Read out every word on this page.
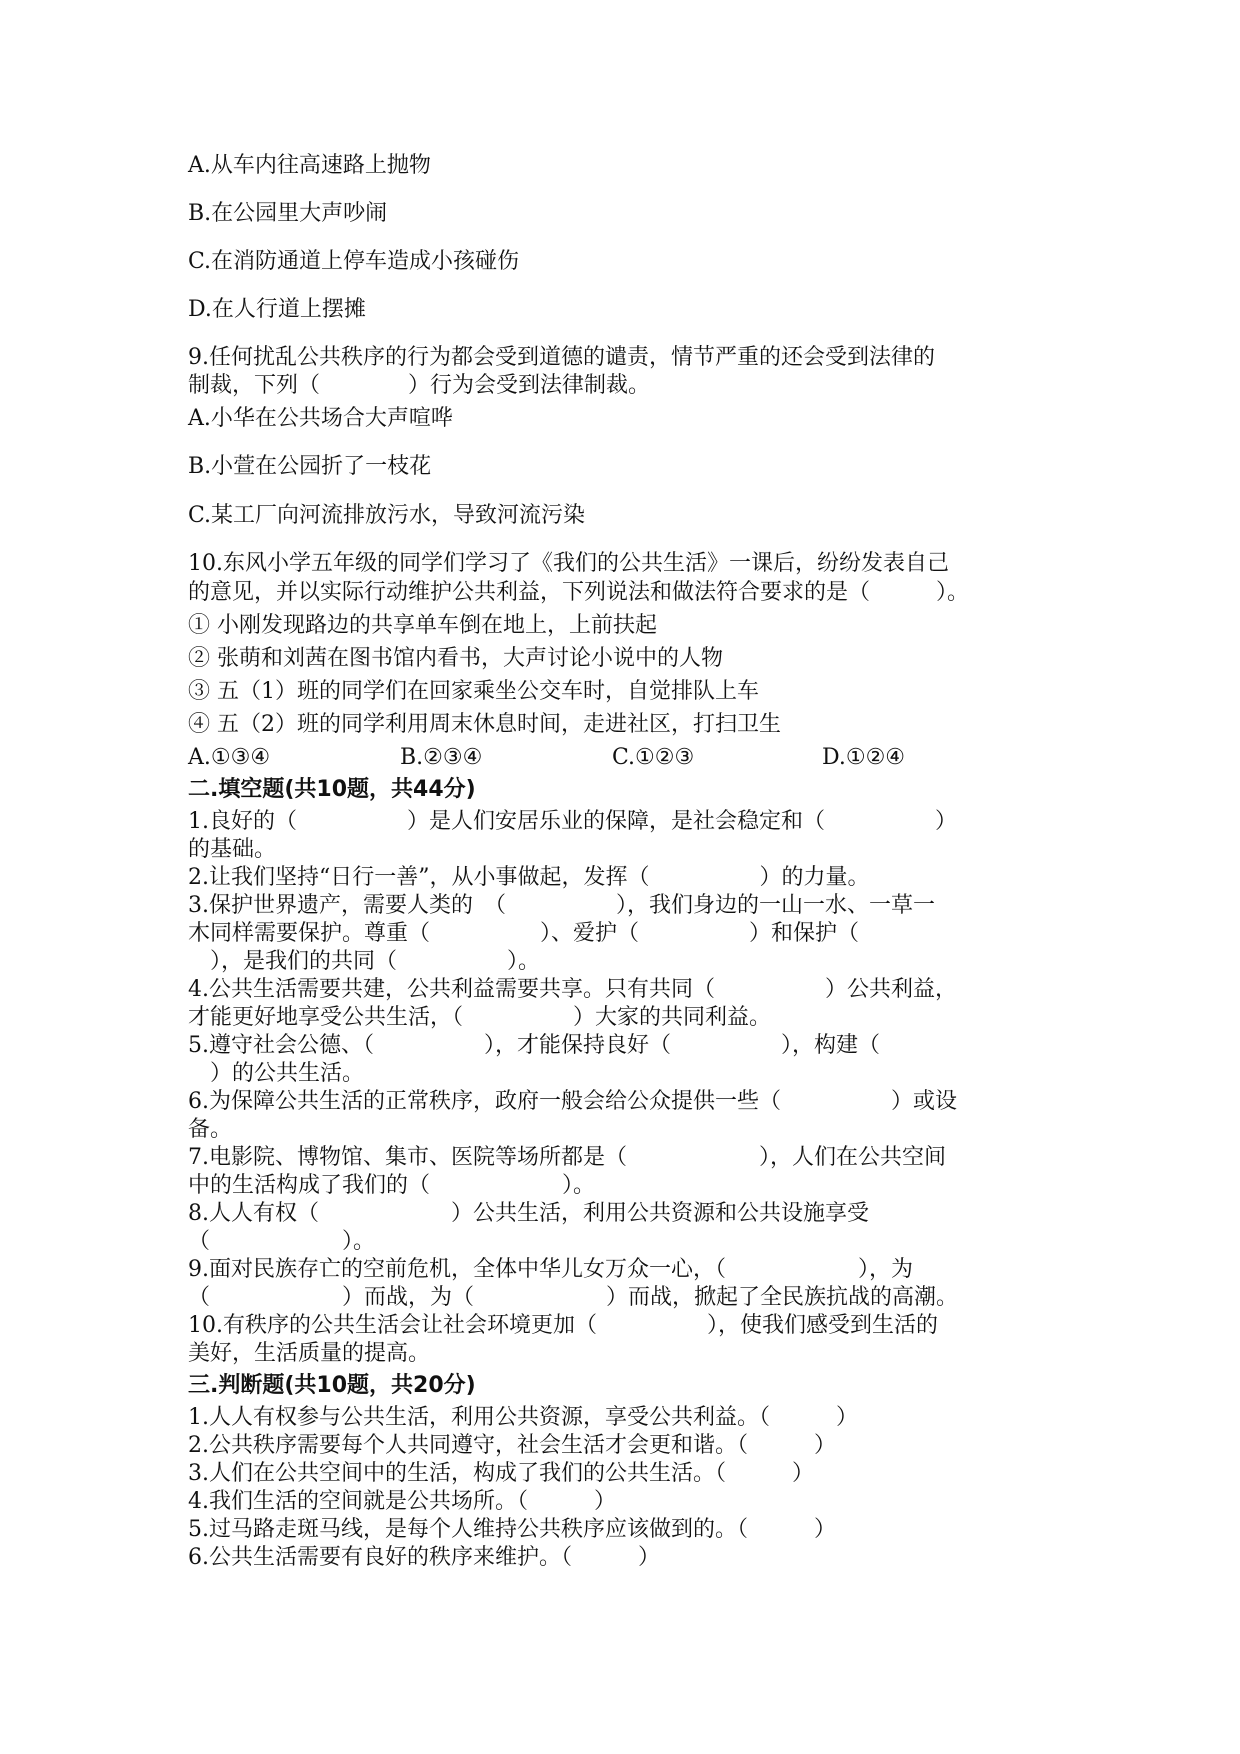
A.从车内往高速路上抛物
B.在公园里大声吵闹
C.在消防通道上停车造成小孩碰伤
D.在人行道上摆摊
9.任何扰乱公共秩序的行为都会受到道德的谴责，情节严重的还会受到法律的
制裁，下列（　　　　）行为会受到法律制裁。
A.小华在公共场合大声喧哗
B.小萱在公园折了一枝花
C.某工厂向河流排放污水，导致河流污染
10.东风小学五年级的同学们学习了《我们的公共生活》一课后，纷纷发表自己
的意见，并以实际行动维护公共利益，下列说法和做法符合要求的是（　　　）。
① 小刚发现路边的共享单车倒在地上，上前扶起
② 张萌和刘茜在图书馆内看书，大声讨论小说中的人物
③ 五（1）班的同学们在回家乘坐公交车时，自觉排队上车
④ 五（2）班的同学利用周末休息时间，走进社区，打扫卫生
A.①③④	B.②③④	C.①②③	D.①②④
二.填空题(共10题，共44分)
1.良好的（　　　　　）是人们安居乐业的保障，是社会稳定和（　　　　　）
的基础。
2.让我们坚持“日行一善”，从小事做起，发挥（　　　　　）的力量。
3.保护世界遗产，需要人类的　（　　　　　），我们身边的一山一水、一草一
木同样需要保护。尊重（　　　　　）、爱护（　　　　　）和保护（
　），是我们的共同（　　　　　）。
4.公共生活需要共建，公共利益需要共享。只有共同（　　　　　）公共利益，
才能更好地享受公共生活，（　　　　　）大家的共同利益。
5.遵守社会公德、（　　　　　），才能保持良好（　　　　　），构建（
　）的公共生活。
6.为保障公共生活的正常秩序，政府一般会给公众提供一些（　　　　　）或设
备。
7.电影院、博物馆、集市、医院等场所都是（　　　　　　），人们在公共空间
中的生活构成了我们的（　　　　　　）。
8.人人有权（　　　　　　）公共生活，利用公共资源和公共设施享受
（　　　　　　）。
9.面对民族存亡的空前危机，全体中华儿女万众一心，（　　　　　　），为
（　　　　　　）而战，为（　　　　　　）而战，掀起了全民族抗战的高潮。
10.有秩序的公共生活会让社会环境更加（　　　　　），使我们感受到生活的
美好，生活质量的提高。
三.判断题(共10题，共20分)
1.人人有权参与公共生活，利用公共资源，享受公共利益。（　　　）
2.公共秩序需要每个人共同遵守，社会生活才会更和谐。（　　　）
3.人们在公共空间中的生活，构成了我们的公共生活。（　　　）
4.我们生活的空间就是公共场所。（　　　）
5.过马路走斑马线，是每个人维持公共秩序应该做到的。（　　　）
6.公共生活需要有良好的秩序来维护。（　　　）
